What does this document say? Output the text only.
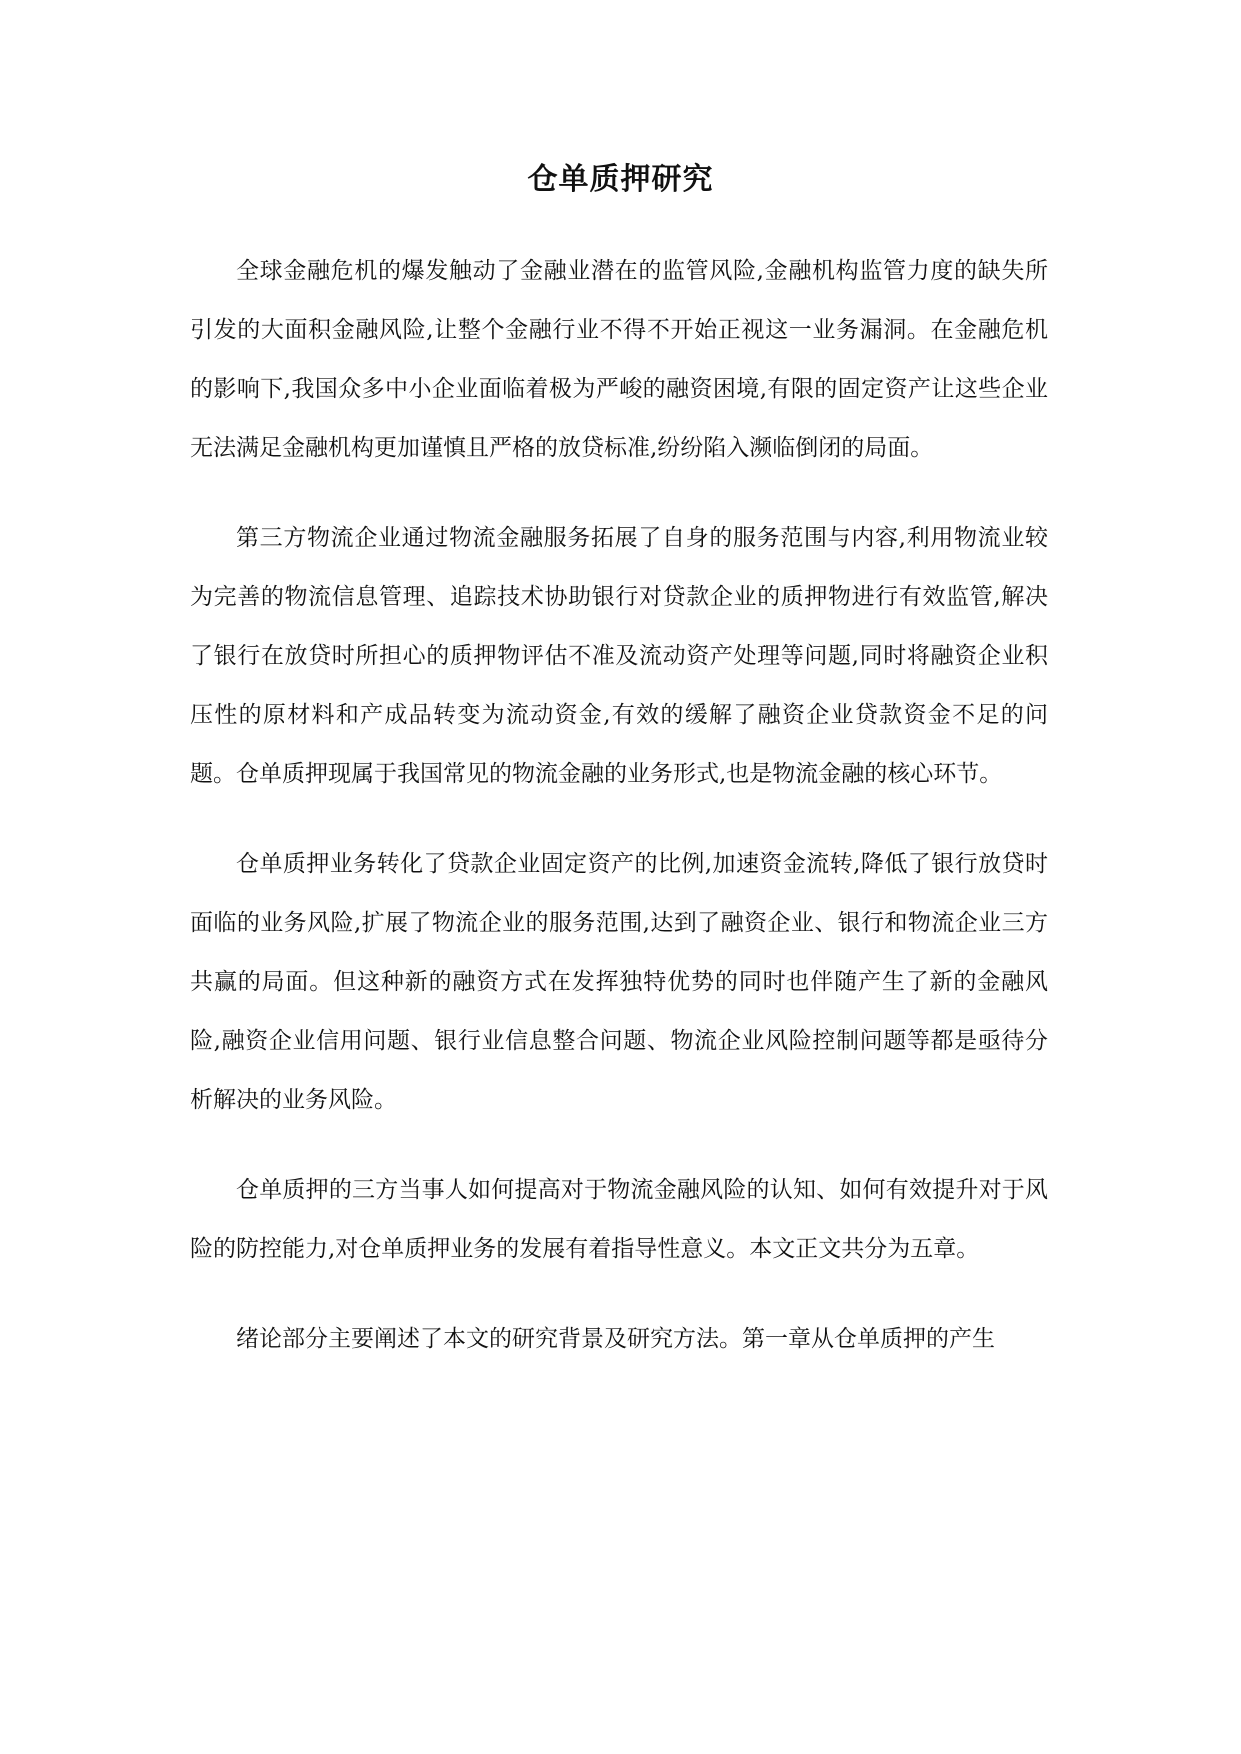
仓单质押研究

全球金融危机的爆发触动了金融业潜在的监管风险,金融机构监管力度的缺失所引发的大面积金融风险,让整个金融行业不得不开始正视这一业务漏洞。在金融危机的影响下,我国众多中小企业面临着极为严峻的融资困境,有限的固定资产让这些企业无法满足金融机构更加谨慎且严格的放贷标准,纷纷陷入濒临倒闭的局面。

第三方物流企业通过物流金融服务拓展了自身的服务范围与内容,利用物流业较为完善的物流信息管理、追踪技术协助银行对贷款企业的质押物进行有效监管,解决了银行在放贷时所担心的质押物评估不准及流动资产处理等问题,同时将融资企业积压性的原材料和产成品转变为流动资金,有效的缓解了融资企业贷款资金不足的问题。仓单质押现属于我国常见的物流金融的业务形式,也是物流金融的核心环节。

仓单质押业务转化了贷款企业固定资产的比例,加速资金流转,降低了银行放贷时面临的业务风险,扩展了物流企业的服务范围,达到了融资企业、银行和物流企业三方共赢的局面。但这种新的融资方式在发挥独特优势的同时也伴随产生了新的金融风险,融资企业信用问题、银行业信息整合问题、物流企业风险控制问题等都是亟待分析解决的业务风险。

仓单质押的三方当事人如何提高对于物流金融风险的认知、如何有效提升对于风险的防控能力,对仓单质押业务的发展有着指导性意义。本文正文共分为五章。

绪论部分主要阐述了本文的研究背景及研究方法。第一章从仓单质押的产生
